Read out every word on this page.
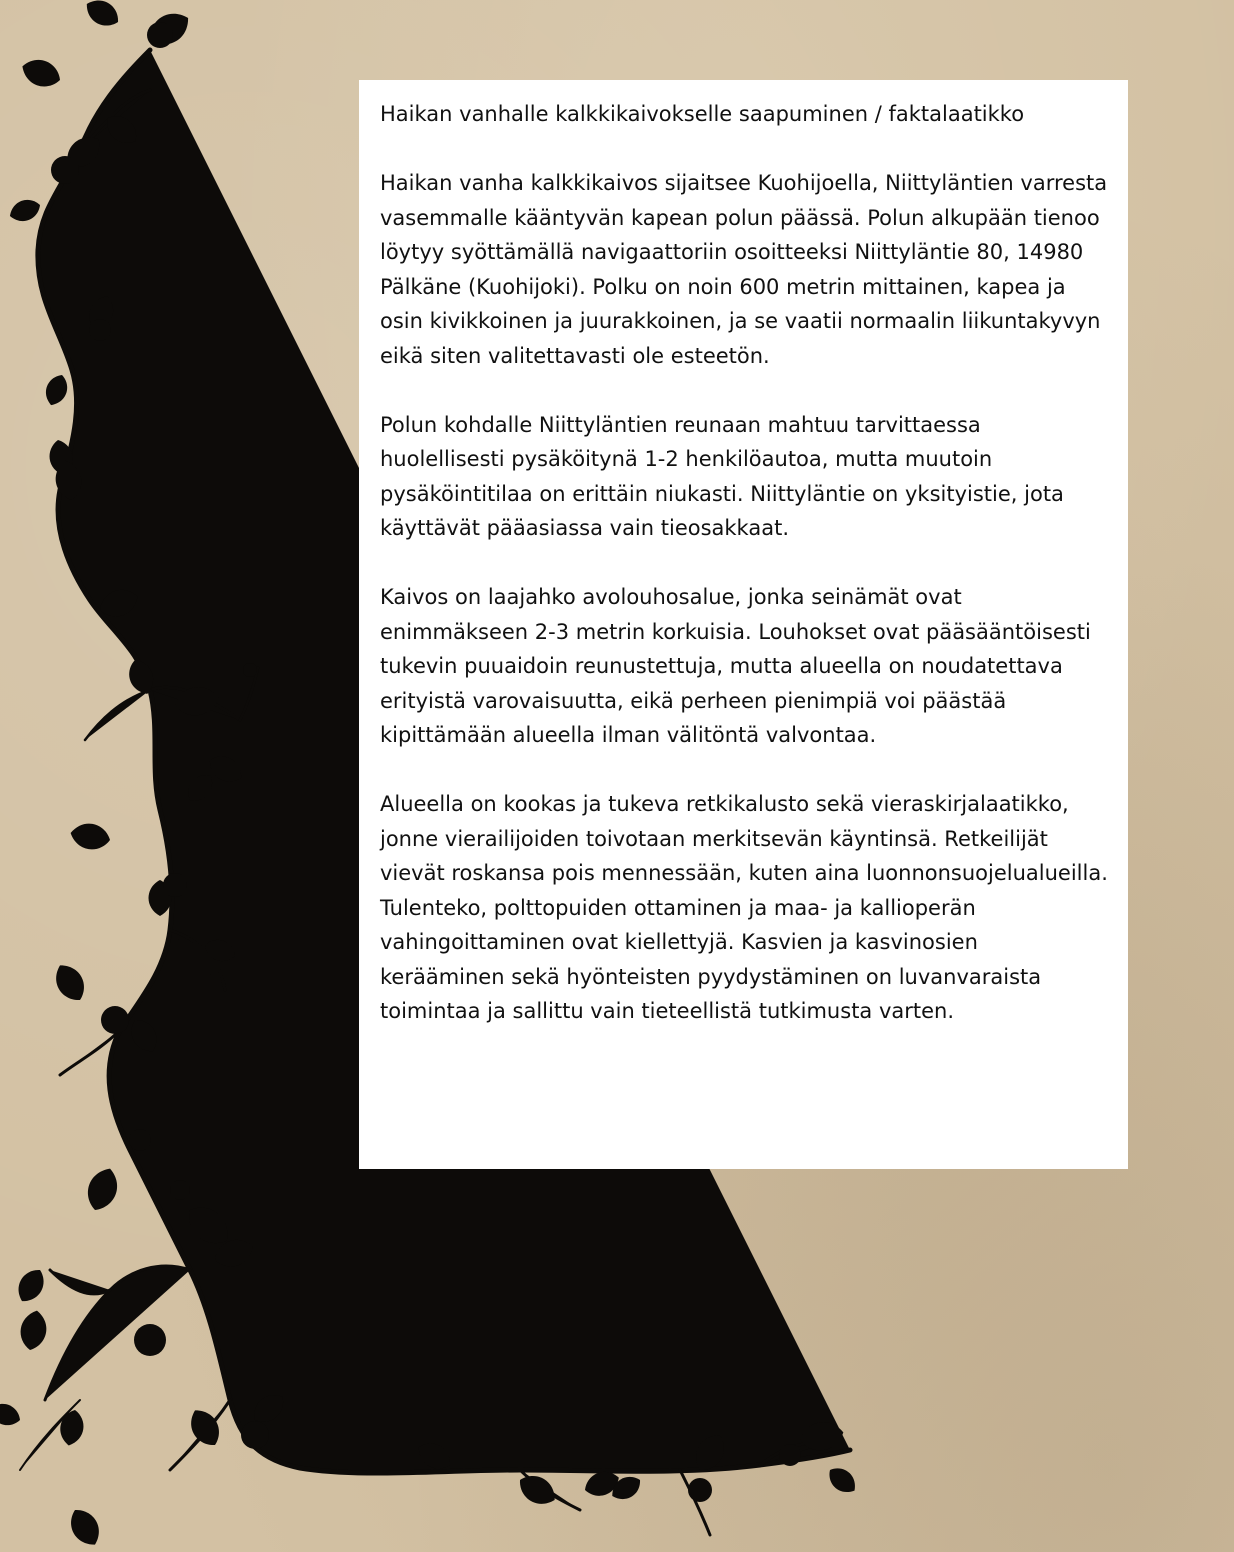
Haikan vanhalle kalkkikaivokselle saapuminen / faktalaatikko

Haikan vanha kalkkikaivos sijaitsee Kuohijoella, Niittyläntien varresta vasemmalle kääntyvän kapean polun päässä. Polun alkupään tienoo löytyy syöttämällä navigaattoriin osoitteeksi Niittyläntie 80, 14980 Pälkäne (Kuohijoki). Polku on noin 600 metrin mittainen, kapea ja osin kivikkoinen ja juurakkoinen, ja se vaatii normaalin liikuntakyvyn eikä siten valitettavasti ole esteetön.

Polun kohdalle Niittyläntien reunaan mahtuu tarvittaessa huolellisesti pysäköitynä 1-2 henkilöautoa, mutta muutoin pysäköintitilaa on erittäin niukasti. Niittyläntie on yksityistie, jota käyttävät pääasiassa vain tieosakkaat.

Kaivos on laajahko avolouhosalue, jonka seinämät ovat enimmäkseen 2-3 metrin korkuisia. Louhokset ovat pääsääntöisesti tukevin puuaidoin reunustettuja, mutta alueella on noudatettava erityistä varovaisuutta, eikä perheen pienimpiä voi päästää kipittämään alueella ilman välitöntä valvontaa.

Alueella on kookas ja tukeva retkikalusto sekä vieraskirjalaatikko, jonne vierailijoiden toivotaan merkitsevän käyntinsä. Retkeilijät vievät roskansa pois mennessään, kuten aina luonnonsuojelualueilla. Tulenteko, polttopuiden ottaminen ja maa- ja kallioperän vahingoittaminen ovat kiellettyjä. Kasvien ja kasvinosien kerääminen sekä hyönteisten pyydystäminen on luvanvaraista toimintaa ja sallittu vain tieteellistä tutkimusta varten.
